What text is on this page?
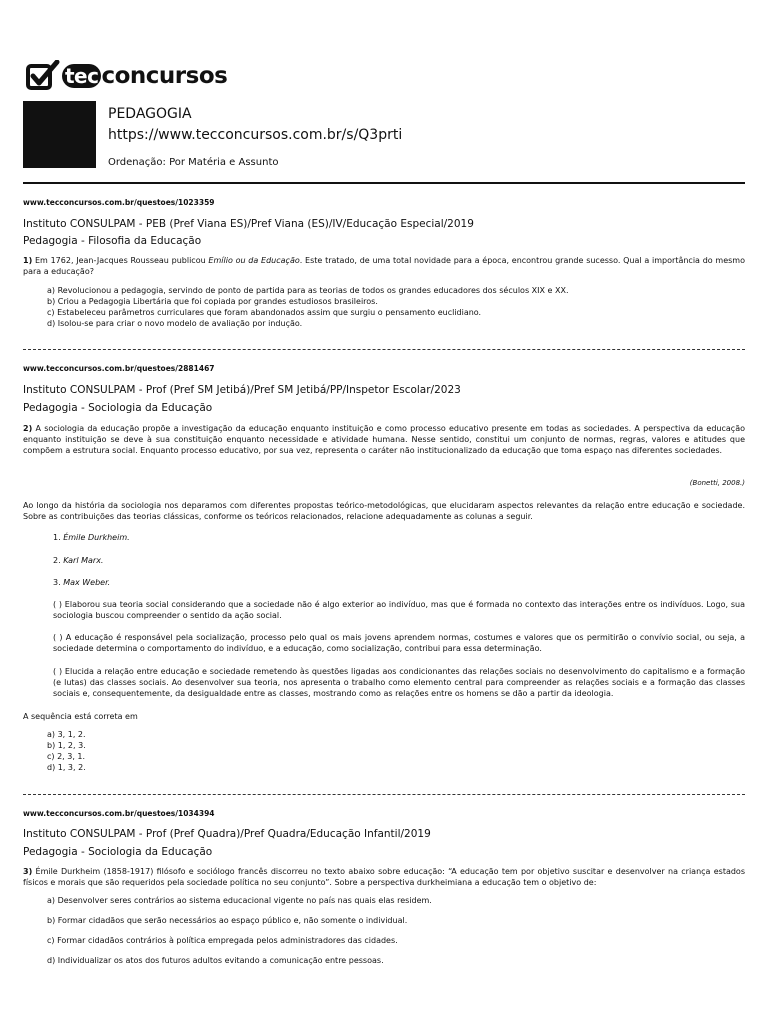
tec concursos
PEDAGOGIA
https://www.tecconcursos.com.br/s/Q3prti
Ordenação: Por Matéria e Assunto
www.tecconcursos.com.br/questoes/1023359
Instituto CONSULPAM - PEB (Pref Viana ES)/Pref Viana (ES)/IV/Educação Especial/2019
Pedagogia - Filosofia da Educação
1) Em 1762, Jean-Jacques Rousseau publicou Emílio ou da Educação. Este tratado, de uma total novidade para a época, encontrou grande sucesso. Qual a importância do mesmo para a educação?
a) Revolucionou a pedagogia, servindo de ponto de partida para as teorias de todos os grandes educadores dos séculos XIX e XX.
b) Criou a Pedagogia Libertária que foi copiada por grandes estudiosos brasileiros.
c) Estabeleceu parâmetros curriculares que foram abandonados assim que surgiu o pensamento euclidiano.
d) Isolou-se para criar o novo modelo de avaliação por indução.
www.tecconcursos.com.br/questoes/2881467
Instituto CONSULPAM - Prof (Pref SM Jetibá)/Pref SM Jetibá/PP/Inspetor Escolar/2023
Pedagogia - Sociologia da Educação
2) A sociologia da educação propõe a investigação da educação enquanto instituição e como processo educativo presente em todas as sociedades. A perspectiva da educação enquanto instituição se deve à sua constituição enquanto necessidade e atividade humana. Nesse sentido, constitui um conjunto de normas, regras, valores e atitudes que compõem a estrutura social. Enquanto processo educativo, por sua vez, representa o caráter não institucionalizado da educação que toma espaço nas diferentes sociedades.
(Bonetti, 2008.)
Ao longo da história da sociologia nos deparamos com diferentes propostas teórico-metodológicas, que elucidaram aspectos relevantes da relação entre educação e sociedade. Sobre as contribuições das teorias clássicas, conforme os teóricos relacionados, relacione adequadamente as colunas a seguir.
1. Émile Durkheim.
2. Karl Marx.
3. Max Weber.
( ) Elaborou sua teoria social considerando que a sociedade não é algo exterior ao indivíduo, mas que é formada no contexto das interações entre os indivíduos. Logo, sua sociologia buscou compreender o sentido da ação social.
( ) A educação é responsável pela socialização, processo pelo qual os mais jovens aprendem normas, costumes e valores que os permitirão o convívio social, ou seja, a sociedade determina o comportamento do indivíduo, e a educação, como socialização, contribui para essa determinação.
( ) Elucida a relação entre educação e sociedade remetendo às questões ligadas aos condicionantes das relações sociais no desenvolvimento do capitalismo e a formação (e lutas) das classes sociais. Ao desenvolver sua teoria, nos apresenta o trabalho como elemento central para compreender as relações sociais e a formação das classes sociais e, consequentemente, da desigualdade entre as classes, mostrando como as relações entre os homens se dão a partir da ideologia.
A sequência está correta em
a) 3, 1, 2.
b) 1, 2, 3.
c) 2, 3, 1.
d) 1, 3, 2.
www.tecconcursos.com.br/questoes/1034394
Instituto CONSULPAM - Prof (Pref Quadra)/Pref Quadra/Educação Infantil/2019
Pedagogia - Sociologia da Educação
3) Émile Durkheim (1858-1917) filósofo e sociólogo francês discorreu no texto abaixo sobre educação: “A educação tem por objetivo suscitar e desenvolver na criança estados físicos e morais que são requeridos pela sociedade política no seu conjunto”. Sobre a perspectiva durkheimiana a educação tem o objetivo de:
a) Desenvolver seres contrários ao sistema educacional vigente no país nas quais elas residem.
b) Formar cidadãos que serão necessários ao espaço público e, não somente o individual.
c) Formar cidadãos contrários à política empregada pelos administradores das cidades.
d) Individualizar os atos dos futuros adultos evitando a comunicação entre pessoas.
